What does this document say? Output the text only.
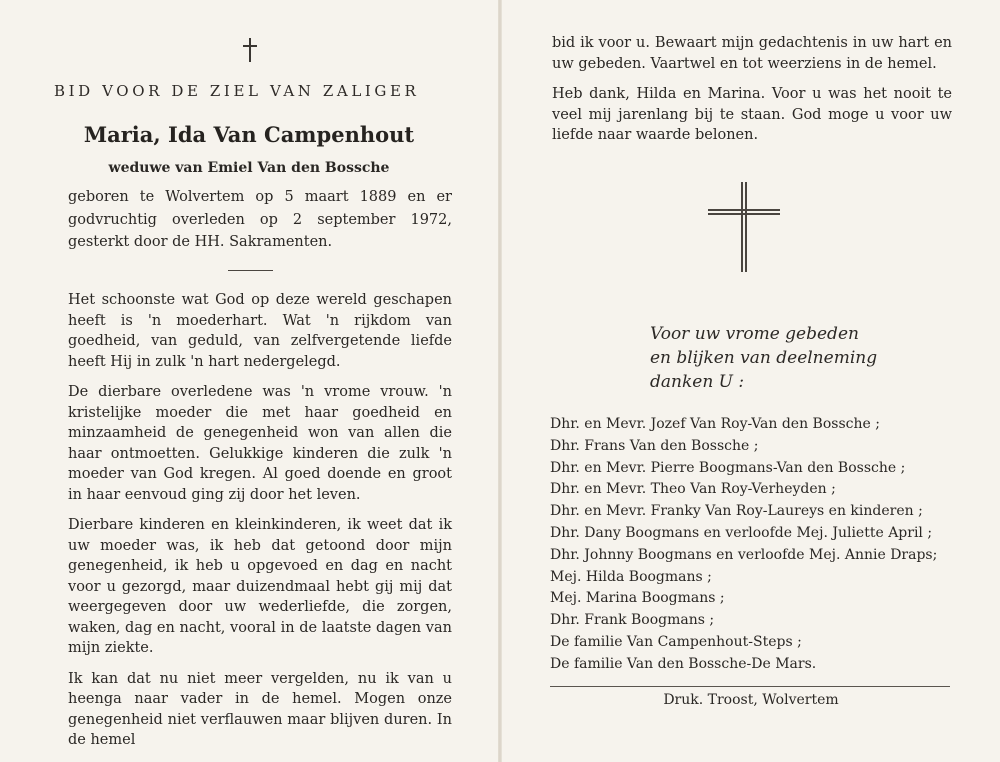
BID VOOR DE ZIEL VAN ZALIGER
Maria, Ida Van Campenhout
weduwe van Emiel Van den Bossche
geboren te Wolvertem op 5 maart 1889 en er godvruchtig overleden op 2 september 1972, gesterkt door de HH. Sakramenten.

Het schoonste wat God op deze wereld geschapen heeft is 'n moederhart. Wat 'n rijkdom van goedheid, van geduld, van zelfvergetende liefde heeft Hij in zulk 'n hart nedergelegd.

De dierbare overledene was 'n vrome vrouw. 'n kristelijke moeder die met haar goedheid en minzaamheid de genegenheid won van allen die haar ontmoetten. Gelukkige kinderen die zulk 'n moeder van God kregen. Al goed doende en groot in haar eenvoud ging zij door het leven.

Dierbare kinderen en kleinkinderen, ik weet dat ik uw moeder was, ik heb dat getoond door mijn genegenheid, ik heb u opgevoed en dag en nacht voor u gezorgd, maar duizendmaal hebt gij mij dat weergegeven door uw wederliefde, die zorgen, waken, dag en nacht, vooral in de laatste dagen van mijn ziekte.

Ik kan dat nu niet meer vergelden, nu ik van u heenga naar vader in de hemel. Mogen onze genegenheid niet verflauwen maar blijven duren. In de hemel

bid ik voor u. Bewaart mijn gedachtenis in uw hart en uw gebeden. Vaartwel en tot weerziens in de hemel.

Heb dank, Hilda en Marina. Voor u was het nooit te veel mij jarenlang bij te staan. God moge u voor uw liefde naar waarde belonen.

Voor uw vrome gebeden
en blijken van deelneming
danken U :
Dhr. en Mevr. Jozef Van Roy-Van den Bossche ;
Dhr. Frans Van den Bossche ;
Dhr. en Mevr. Pierre Boogmans-Van den Bossche ;
Dhr. en Mevr. Theo Van Roy-Verheyden ;
Dhr. en Mevr. Franky Van Roy-Laureys en kinderen ;
Dhr. Dany Boogmans en verloofde Mej. Juliette April ;
Dhr. Johnny Boogmans en verloofde Mej. Annie Draps;
Mej. Hilda Boogmans ;
Mej. Marina Boogmans ;
Dhr. Frank Boogmans ;
De familie Van Campenhout-Steps ;
De familie Van den Bossche-De Mars.
Druk. Troost, Wolvertem
